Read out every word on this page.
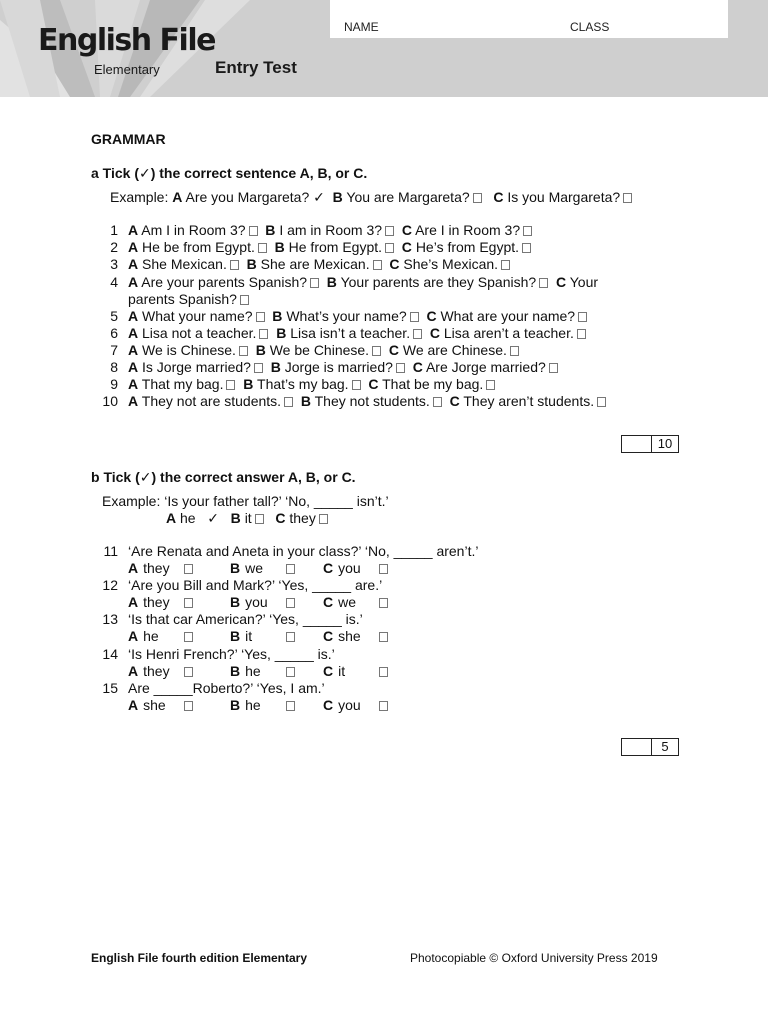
English File
Elementary	Entry Test
NAME	CLASS
GRAMMAR
a Tick (✓) the correct sentence A, B, or C.
Example: A Are you Margareta? ✓ B You are Margareta? C Is you Margareta?
1 A Am I in Room 3? B I am in Room 3? C Are I in Room 3?
2 A He be from Egypt. B He from Egypt. C He’s from Egypt.
3 A She Mexican. B She are Mexican. C She’s Mexican.
4 A Are your parents Spanish? B Your parents are they Spanish? C Your
parents Spanish?
5 A What your name? B What’s your name? C What are your name?
6 A Lisa not a teacher. B Lisa isn’t a teacher. C Lisa aren’t a teacher.
7 A We is Chinese. B We be Chinese. C We are Chinese.
8 A Is Jorge married? B Jorge is married? C Are Jorge married?
9 A That my bag. B That’s my bag. C That be my bag.
10 A They not are students. B They not students. C They aren’t students.
10
b Tick (✓) the correct answer A, B, or C.
Example: ‘Is your father tall?’ ‘No, _____ isn’t.’
A he ✓ B it C they
11 ‘Are Renata and Aneta in your class?’ ‘No, _____ aren’t.’
A they	B we	C you
12 ‘Are you Bill and Mark?’ ‘Yes, _____ are.’
A they	B you	C we
13 ‘Is that car American?’ ‘Yes, _____ is.’
A he	B it	C she
14 ‘Is Henri French?’ ‘Yes, _____ is.’
A they	B he	C it
15 Are _____Roberto?’ ‘Yes, I am.’
A she	B he	C you
5
English File fourth edition Elementary	Photocopiable © Oxford University Press 2019
